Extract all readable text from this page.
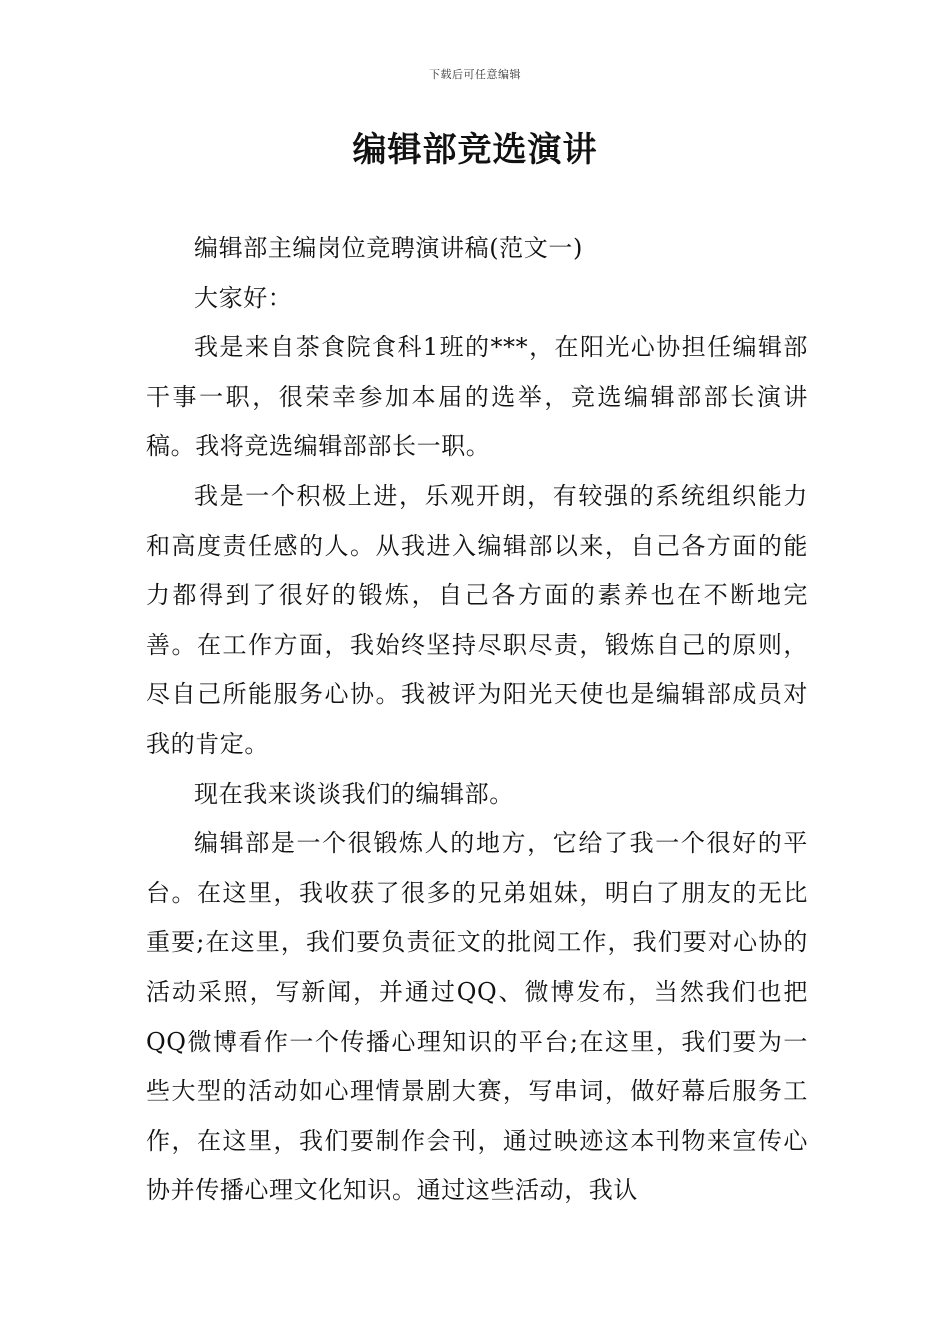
下载后可任意编辑
编辑部竞选演讲

编辑部主编岗位竞聘演讲稿(范文一)

大家好：

我是来自茶食院食科1班的***，在阳光心协担任编辑部干事一职，很荣幸参加本届的选举，竞选编辑部部长演讲稿。我将竞选编辑部部长一职。

我是一个积极上进，乐观开朗，有较强的系统组织能力和高度责任感的人。从我进入编辑部以来，自己各方面的能力都得到了很好的锻炼，自己各方面的素养也在不断地完善。在工作方面，我始终坚持尽职尽责，锻炼自己的原则，尽自己所能服务心协。我被评为阳光天使也是编辑部成员对我的肯定。

现在我来谈谈我们的编辑部。

编辑部是一个很锻炼人的地方，它给了我一个很好的平台。在这里，我收获了很多的兄弟姐妹，明白了朋友的无比重要;在这里，我们要负责征文的批阅工作，我们要对心协的活动采照，写新闻，并通过QQ、微博发布，当然我们也把QQ微博看作一个传播心理知识的平台;在这里，我们要为一些大型的活动如心理情景剧大赛，写串词，做好幕后服务工作，在这里，我们要制作会刊，通过映迹这本刊物来宣传心协并传播心理文化知识。通过这些活动，我认
